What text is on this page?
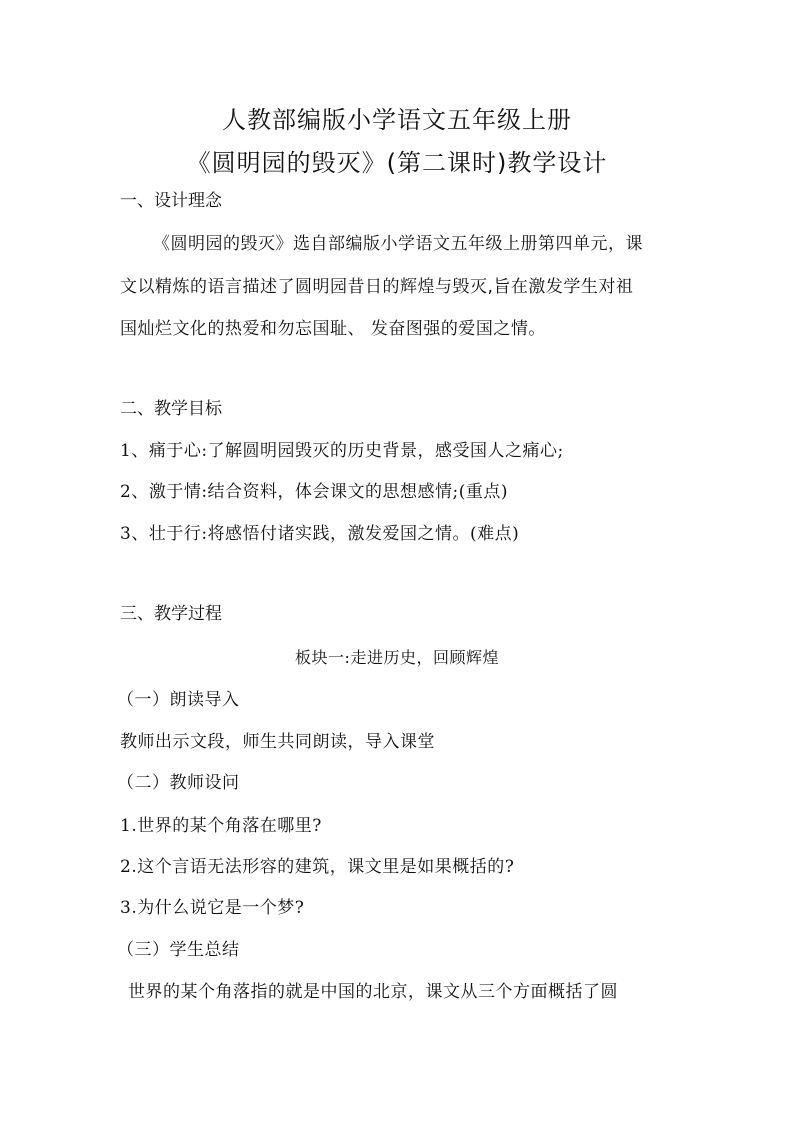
人教部编版小学语文五年级上册
《圆明园的毁灭》(第二课时)教学设计
一、设计理念
《圆明园的毁灭》选自部编版小学语文五年级上册第四单元，课
文以精炼的语言描述了圆明园昔日的辉煌与毁灭,旨在激发学生对祖
国灿烂文化的热爱和勿忘国耻、 发奋图强的爱国之情。
二、教学目标
1、痛于心:了解圆明园毁灭的历史背景，感受国人之痛心;
2、激于情:结合资料，体会课文的思想感情;(重点)
3、壮于行:将感悟付诸实践，激发爱国之情。(难点)
三、教学过程
板块一:走进历史，回顾辉煌
（一）朗读导入
教师出示文段，师生共同朗读，导入课堂
（二）教师设问
1.世界的某个角落在哪里?
2.这个言语无法形容的建筑，课文里是如果概括的?
3.为什么说它是一个梦?
（三）学生总结
世界的某个角落指的就是中国的北京，课文从三个方面概括了圆
